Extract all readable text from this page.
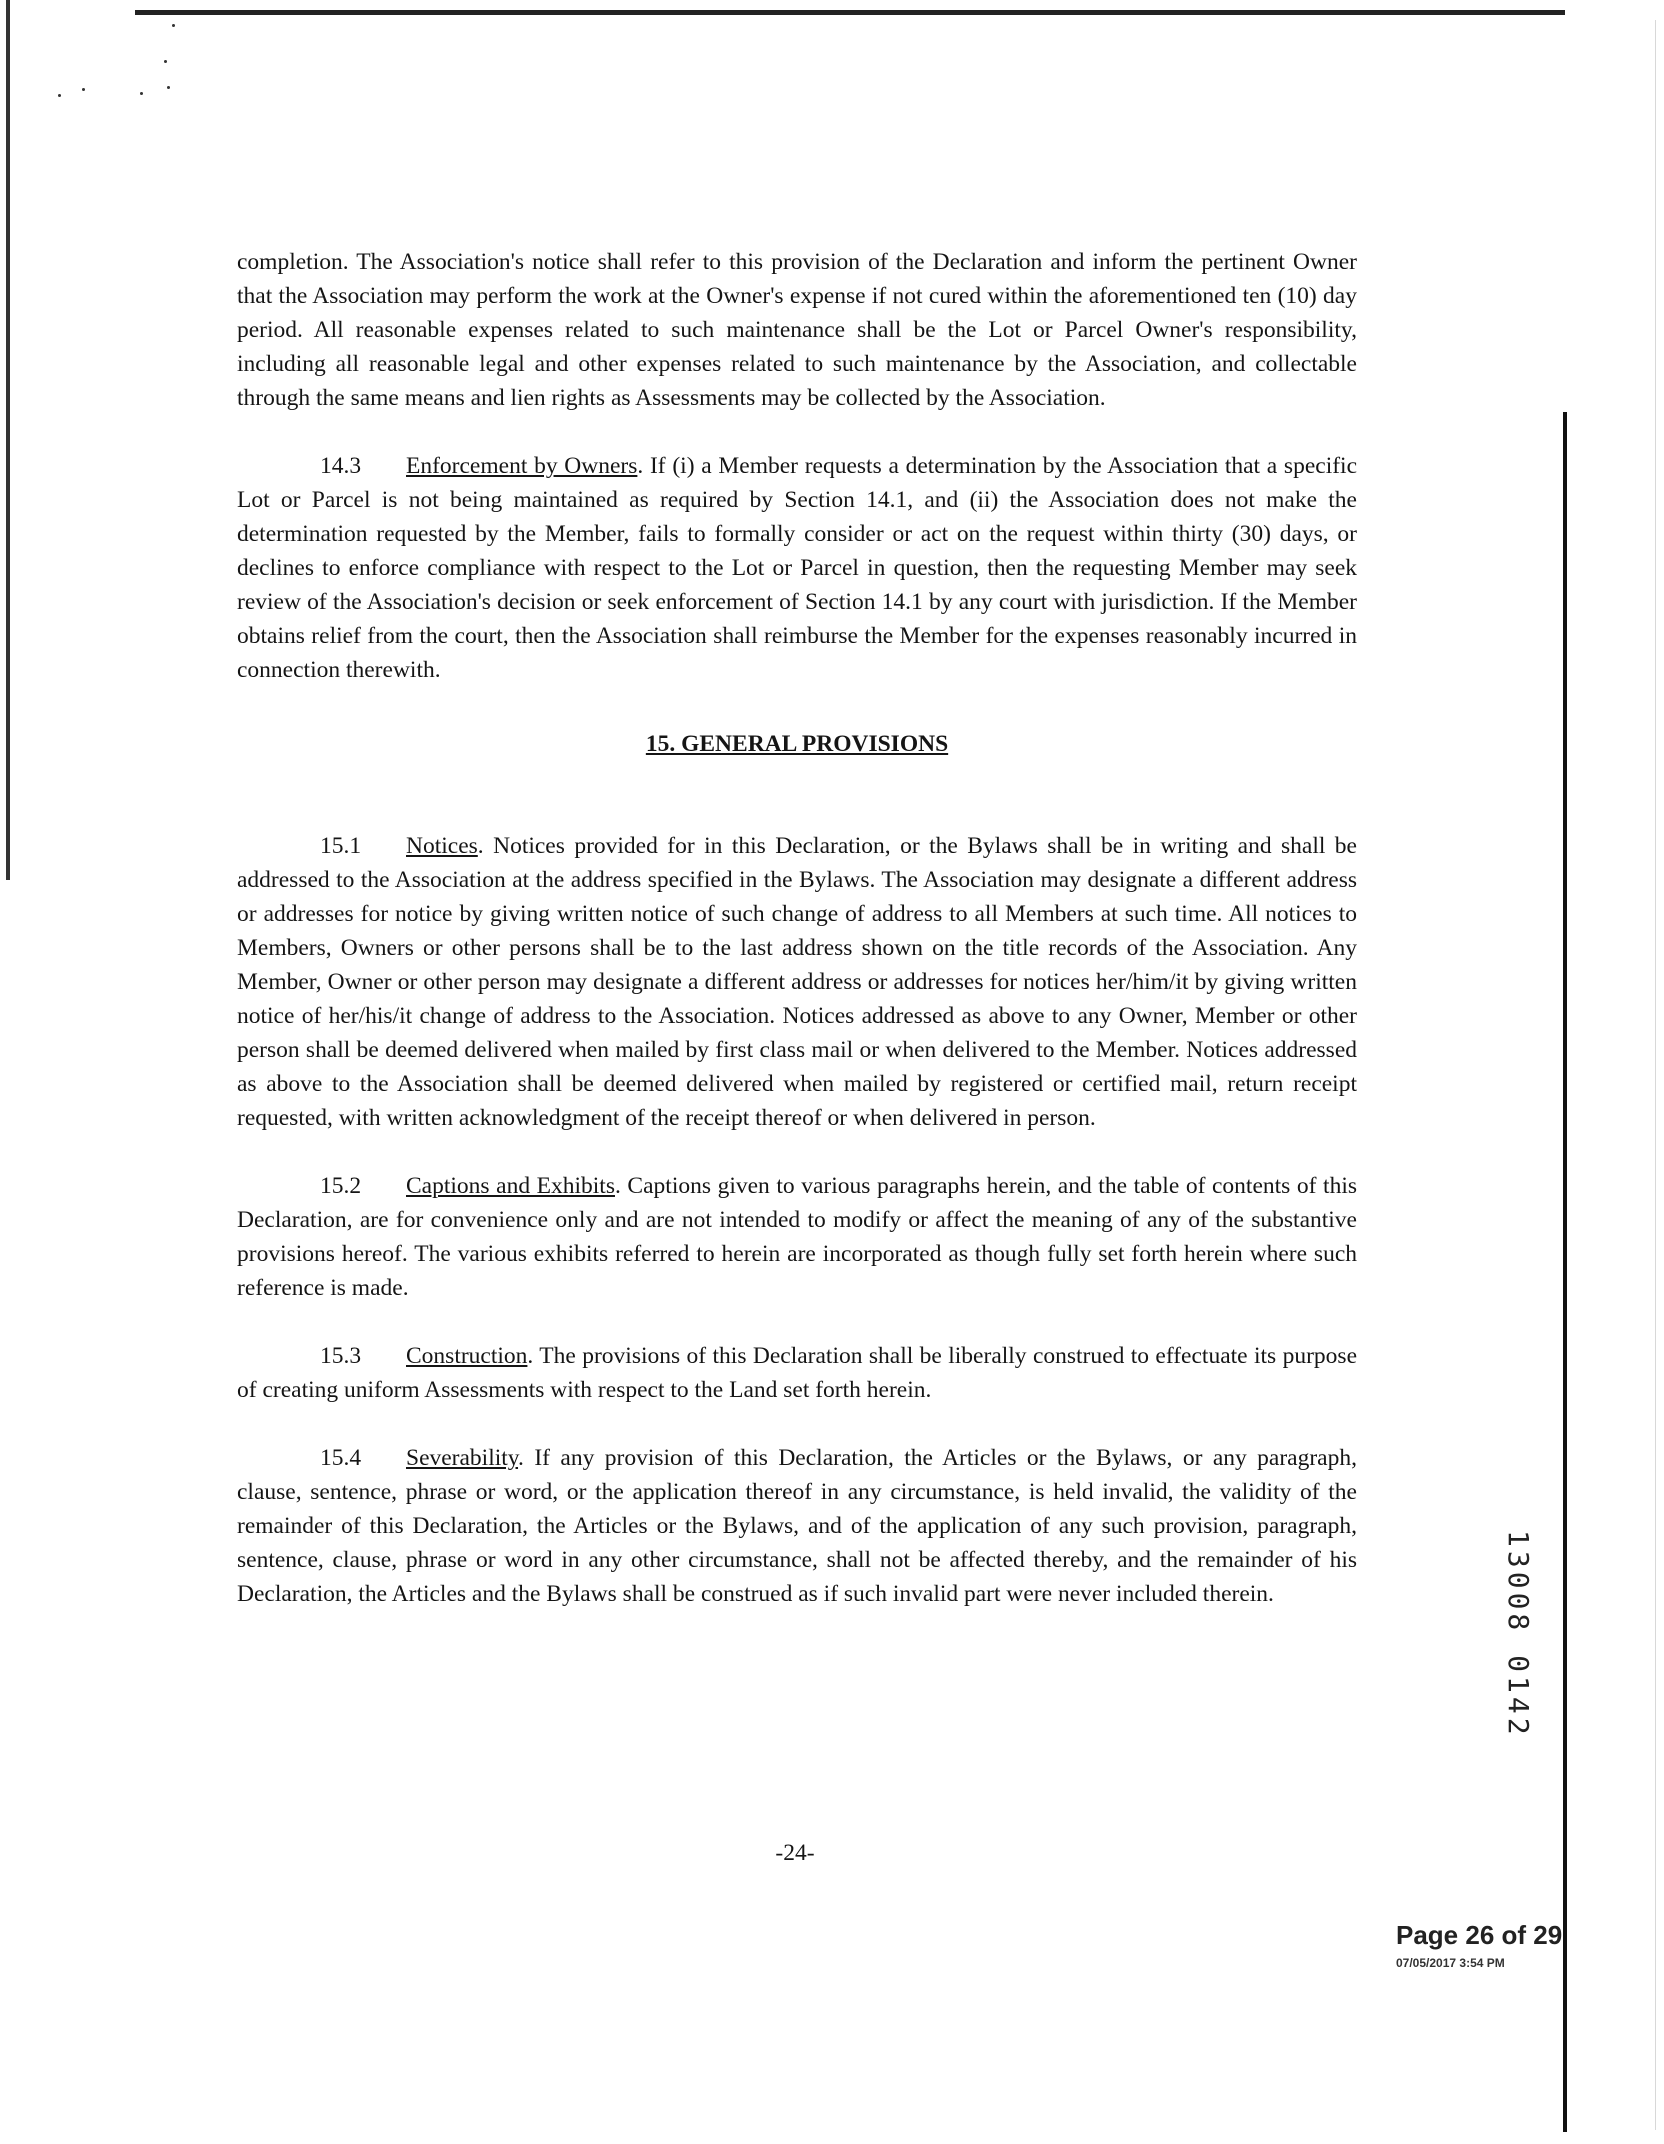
completion. The Association's notice shall refer to this provision of the Declaration and inform the pertinent Owner that the Association may perform the work at the Owner's expense if not cured within the aforementioned ten (10) day period. All reasonable expenses related to such maintenance shall be the Lot or Parcel Owner's responsibility, including all reasonable legal and other expenses related to such maintenance by the Association, and collectable through the same means and lien rights as Assessments may be collected by the Association.

14.3 Enforcement by Owners. If (i) a Member requests a determination by the Association that a specific Lot or Parcel is not being maintained as required by Section 14.1, and (ii) the Association does not make the determination requested by the Member, fails to formally consider or act on the request within thirty (30) days, or declines to enforce compliance with respect to the Lot or Parcel in question, then the requesting Member may seek review of the Association's decision or seek enforcement of Section 14.1 by any court with jurisdiction. If the Member obtains relief from the court, then the Association shall reimburse the Member for the expenses reasonably incurred in connection therewith.

15. GENERAL PROVISIONS

15.1 Notices. Notices provided for in this Declaration, or the Bylaws shall be in writing and shall be addressed to the Association at the address specified in the Bylaws. The Association may designate a different address or addresses for notice by giving written notice of such change of address to all Members at such time. All notices to Members, Owners or other persons shall be to the last address shown on the title records of the Association. Any Member, Owner or other person may designate a different address or addresses for notices her/him/it by giving written notice of her/his/it change of address to the Association. Notices addressed as above to any Owner, Member or other person shall be deemed delivered when mailed by first class mail or when delivered to the Member. Notices addressed as above to the Association shall be deemed delivered when mailed by registered or certified mail, return receipt requested, with written acknowledgment of the receipt thereof or when delivered in person.

15.2 Captions and Exhibits. Captions given to various paragraphs herein, and the table of contents of this Declaration, are for convenience only and are not intended to modify or affect the meaning of any of the substantive provisions hereof. The various exhibits referred to herein are incorporated as though fully set forth herein where such reference is made.

15.3 Construction. The provisions of this Declaration shall be liberally construed to effectuate its purpose of creating uniform Assessments with respect to the Land set forth herein.

15.4 Severability. If any provision of this Declaration, the Articles or the Bylaws, or any paragraph, clause, sentence, phrase or word, or the application thereof in any circumstance, is held invalid, the validity of the remainder of this Declaration, the Articles or the Bylaws, and of the application of any such provision, paragraph, sentence, clause, phrase or word in any other circumstance, shall not be affected thereby, and the remainder of his Declaration, the Articles and the Bylaws shall be construed as if such invalid part were never included therein.

-24-
13008 0142
Page 26 of 29
07/05/2017 3:54 PM
